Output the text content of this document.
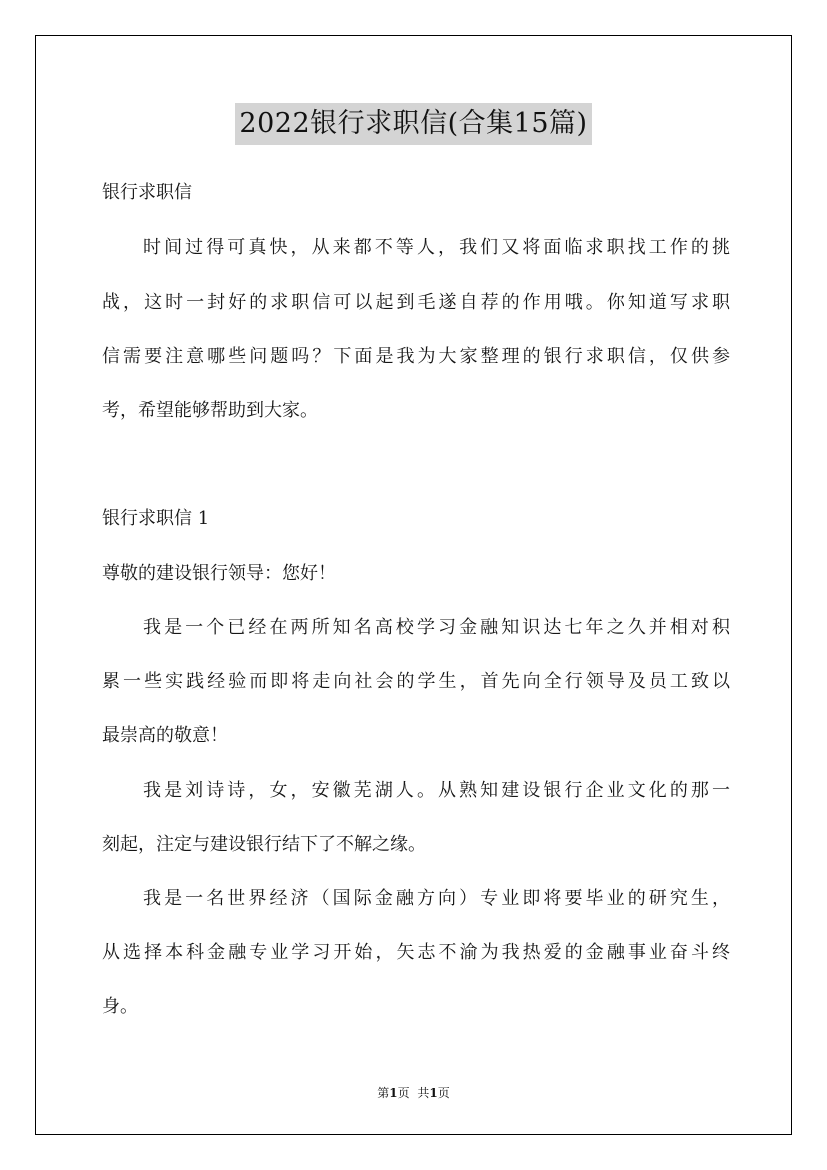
2022银行求职信(合集15篇)
银行求职信
时间过得可真快，从来都不等人，我们又将面临求职找工作的挑
战，这时一封好的求职信可以起到毛遂自荐的作用哦。你知道写求职
信需要注意哪些问题吗？下面是我为大家整理的银行求职信，仅供参
考，希望能够帮助到大家。
银行求职信 1
尊敬的建设银行领导：您好！
我是一个已经在两所知名高校学习金融知识达七年之久并相对积
累一些实践经验而即将走向社会的学生，首先向全行领导及员工致以
最崇高的敬意！
我是刘诗诗，女，安徽芜湖人。从熟知建设银行企业文化的那一
刻起，注定与建设银行结下了不解之缘。
我是一名世界经济（国际金融方向）专业即将要毕业的研究生，
从选择本科金融专业学习开始，矢志不渝为我热爱的金融事业奋斗终
身。
第1页 共1页
